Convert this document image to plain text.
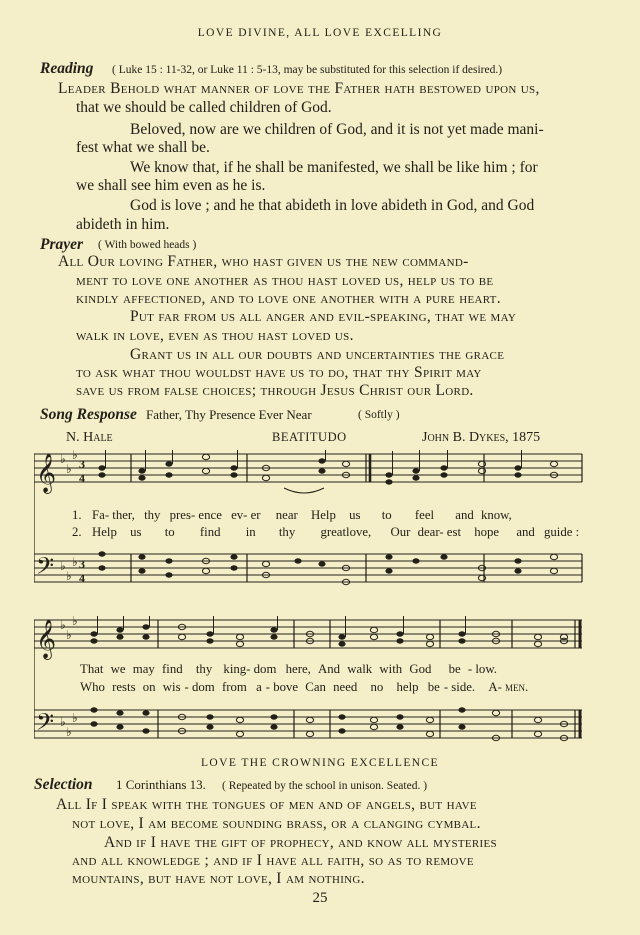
LOVE DIVINE, ALL LOVE EXCELLING
Reading ( Luke 15 : 11-32, or Luke 11 : 5-13, may be substituted for this selection if desired.)
Leader Behold what manner of love the Father hath bestowed upon us,
that we should be called children of God.
Beloved, now are we children of God, and it is not yet made mani-
fest what we shall be.
We know that, if he shall be manifested, we shall be like him ; for
we shall see him even as he is.
God is love ; and he that abideth in love abideth in God, and God
abideth in him.
Prayer ( With bowed heads )
All Our loving Father, who hast given us the new command-
ment to love one another as thou hast loved us, help us to be
kindly affectioned, and to love one another with a pure heart.
Put far from us all anger and evil-speaking, that we may
walk in love, even as thou hast loved us.
Grant us in all our doubts and uncertainties the grace
to ask what thou wouldst have us to do, that thy Spirit may
save us from false choices; through Jesus Christ our Lord.
Song Response Father, Thy Presence Ever Near	( Softly )
N. Hale	BEATITUDO	John B. Dykes, 1875
𝄞
𝄢
♭
♭
♭
♭
♭
♭
3
4
3
4
1. Fa- ther, thy pres- ence ev- er near Help us to feel and know,
2. Help us to find in thy greatlove, Our dear- est hope and guide :
𝄞
𝄢
♭
♭
♭
♭
♭
♭
That we may find thy king- dom here, And walk with God be - low.
Who rests on wis - dom from a - bove Can need no help be - side. A- men.
LOVE THE CROWNING EXCELLENCE
Selection 1 Corinthians 13. ( Repeated by the school in unison. Seated. )
All If I speak with the tongues of men and of angels, but have
not love, I am become sounding brass, or a clanging cymbal.
And if I have the gift of prophecy, and know all mysteries
and all knowledge ; and if I have all faith, so as to remove
mountains, but have not love, I am nothing.
25
